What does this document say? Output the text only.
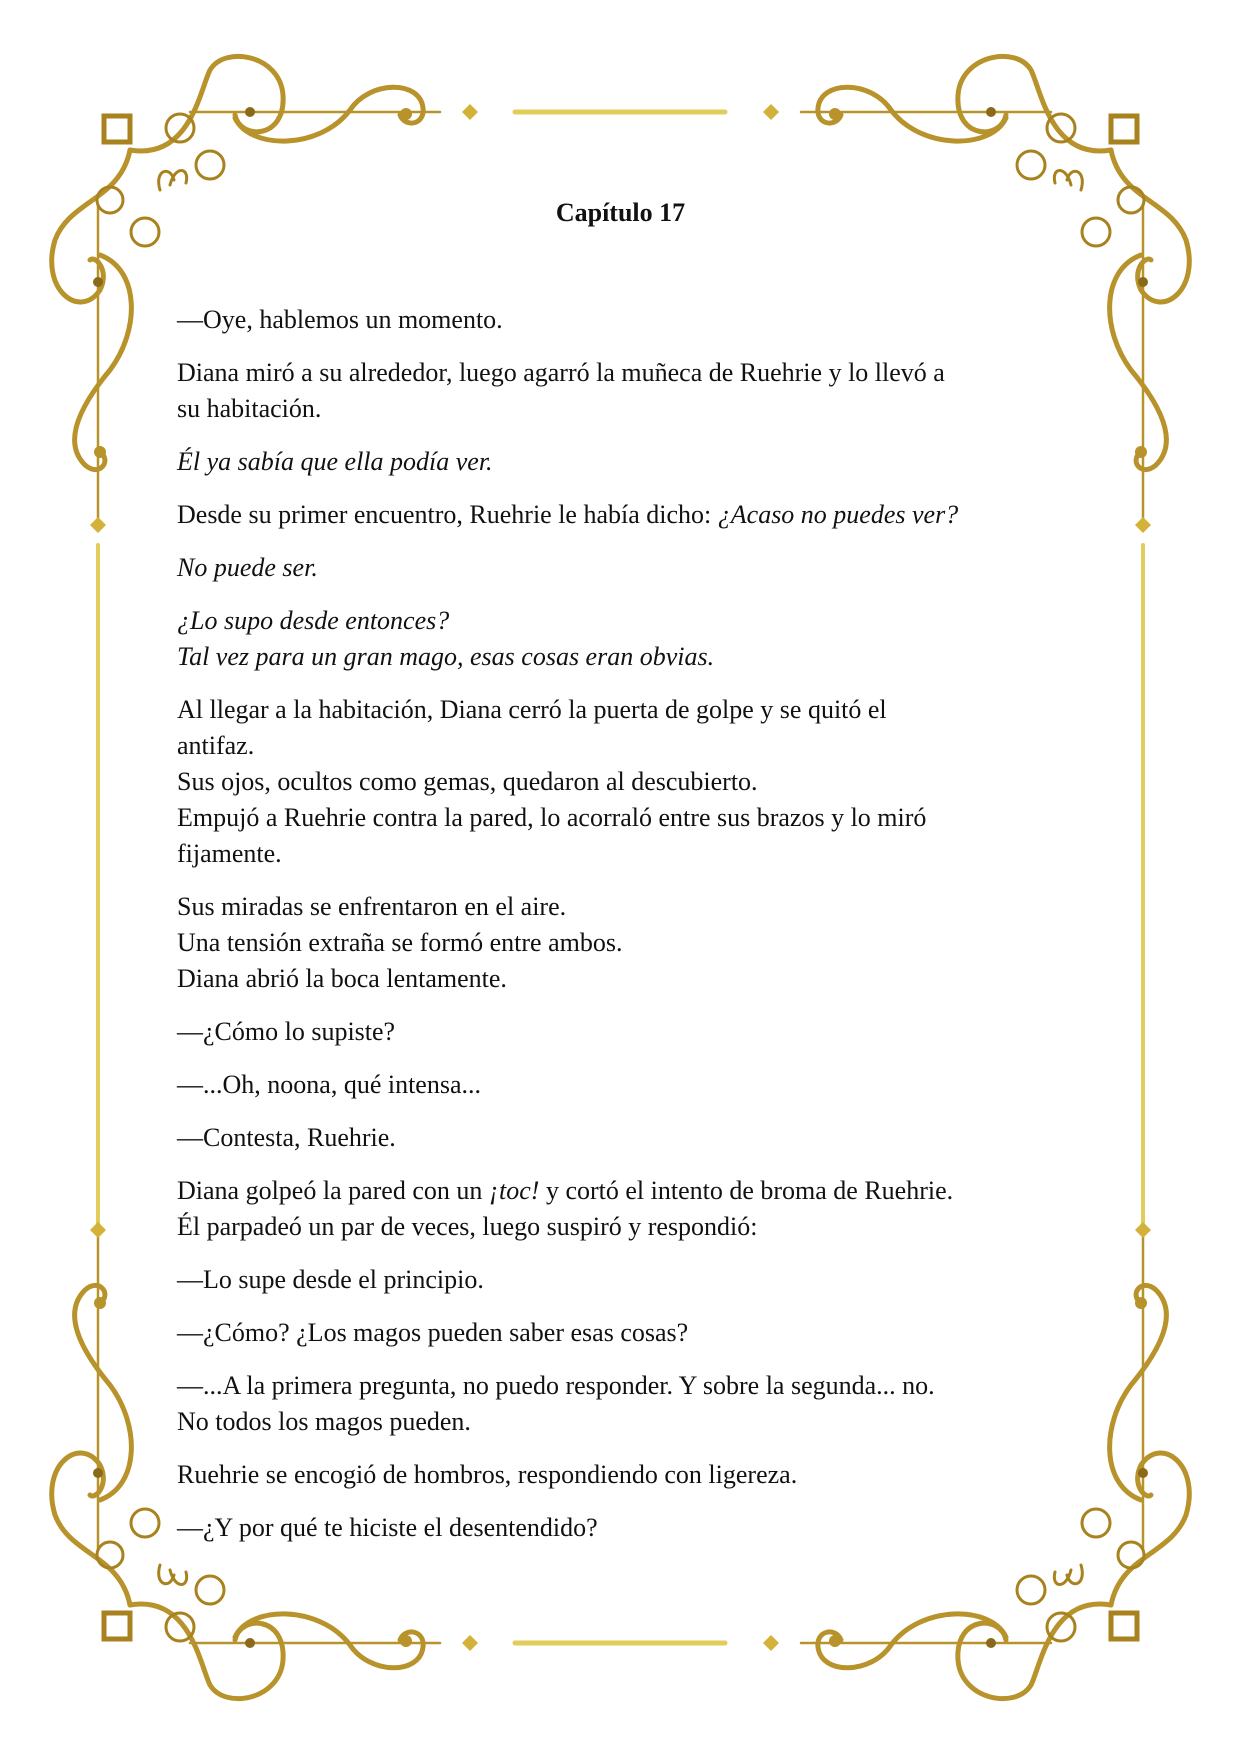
Capítulo 17
—Oye, hablemos un momento.
Diana miró a su alrededor, luego agarró la muñeca de Ruehrie y lo llevó a
su habitación.
Él ya sabía que ella podía ver.
Desde su primer encuentro, Ruehrie le había dicho: ¿Acaso no puedes ver?
No puede ser.
¿Lo supo desde entonces?
Tal vez para un gran mago, esas cosas eran obvias.
Al llegar a la habitación, Diana cerró la puerta de golpe y se quitó el
antifaz.
Sus ojos, ocultos como gemas, quedaron al descubierto.
Empujó a Ruehrie contra la pared, lo acorraló entre sus brazos y lo miró
fijamente.
Sus miradas se enfrentaron en el aire.
Una tensión extraña se formó entre ambos.
Diana abrió la boca lentamente.
—¿Cómo lo supiste?
—...Oh, noona, qué intensa...
—Contesta, Ruehrie.
Diana golpeó la pared con un ¡toc! y cortó el intento de broma de Ruehrie.
Él parpadeó un par de veces, luego suspiró y respondió:
—Lo supe desde el principio.
—¿Cómo? ¿Los magos pueden saber esas cosas?
—...A la primera pregunta, no puedo responder. Y sobre la segunda... no.
No todos los magos pueden.
Ruehrie se encogió de hombros, respondiendo con ligereza.
—¿Y por qué te hiciste el desentendido?
